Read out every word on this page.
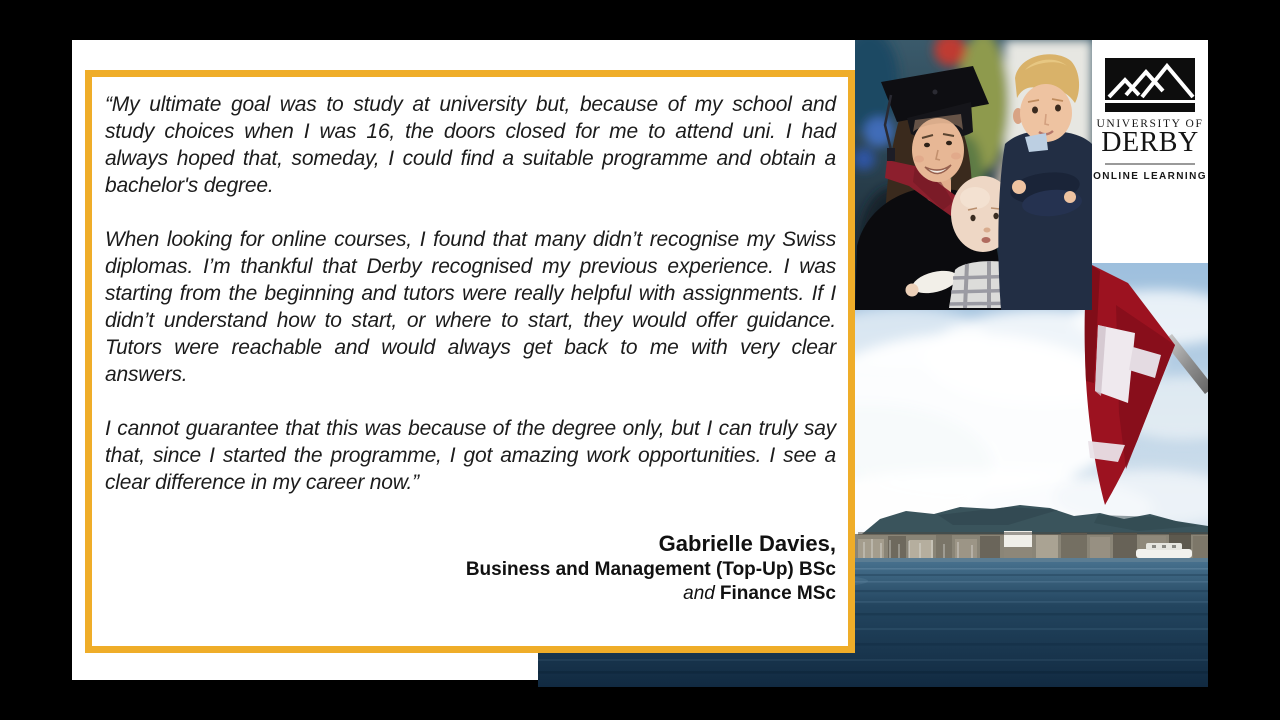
UNIVERSITY OF
DERBY
ONLINE LEARNING

“My ultimate goal was to study at university but, because of my school and study choices when I was 16, the doors closed for me to attend uni. I had always hoped that, someday, I could find a suitable programme and obtain a bachelor's degree.

When looking for online courses, I found that many didn’t recognise my Swiss diplomas. I’m thankful that Derby recognised my previous experience. I was starting from the beginning and tutors were really helpful with assignments. If I didn’t understand how to start, or where to start, they would offer guidance. Tutors were reachable and would always get back to me with very clear answers.

I cannot guarantee that this was because of the degree only, but I can truly say that, since I started the programme, I got amazing work opportunities. I see a clear difference in my career now.”

Gabrielle Davies,
Business and Management (Top-Up) BSc
and Finance MSc
